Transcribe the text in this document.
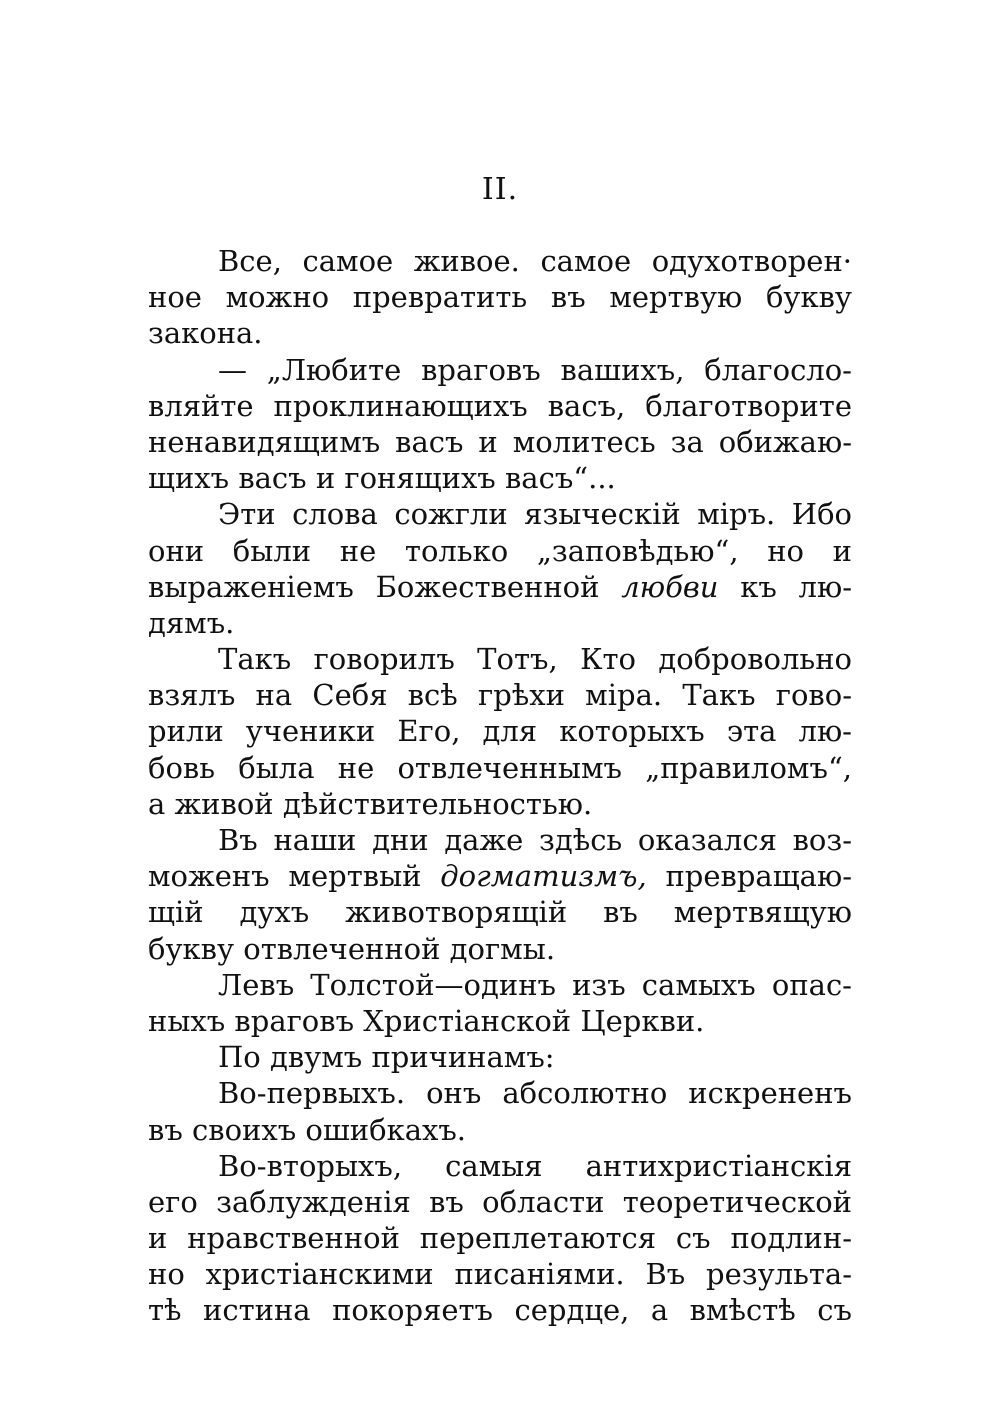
II.
Все, самое живое. самое одухотворен·
ное можно превратить въ мертвую букву
закона.
— „Любите враговъ вашихъ, благосло-
вляйте проклинающихъ васъ, благотворите
ненавидящимъ васъ и молитесь за обижаю-
щихъ васъ и гонящихъ васъ“...
Эти слова сожгли языческій міръ. Ибо
они были не только „заповѣдью“, но и
выраженіемъ Божественной любви къ лю-
дямъ.
Такъ говорилъ Тотъ, Кто добровольно
взялъ на Себя всѣ грѣхи міра. Такъ гово-
рили ученики Его, для которыхъ эта лю-
бовь была не отвлеченнымъ „правиломъ“,
а живой дѣйствительностью.
Въ наши дни даже здѣсь оказался воз-
моженъ мертвый догматизмъ, превращаю-
щій духъ животворящій въ мертвящую
букву отвлеченной догмы.
Левъ Толстой—одинъ изъ самыхъ опас-
ныхъ враговъ Христіанской Церкви.
По двумъ причинамъ:
Во-первыхъ. онъ абсолютно искрененъ
въ своихъ ошибкахъ.
Во-вторыхъ, самыя антихристіанскія
его заблужденія въ области теоретической
и нравственной переплетаются съ подлин-
но христіанскими писаніями. Въ результа-
тѣ истина покоряетъ сердце, а вмѣстѣ съ
